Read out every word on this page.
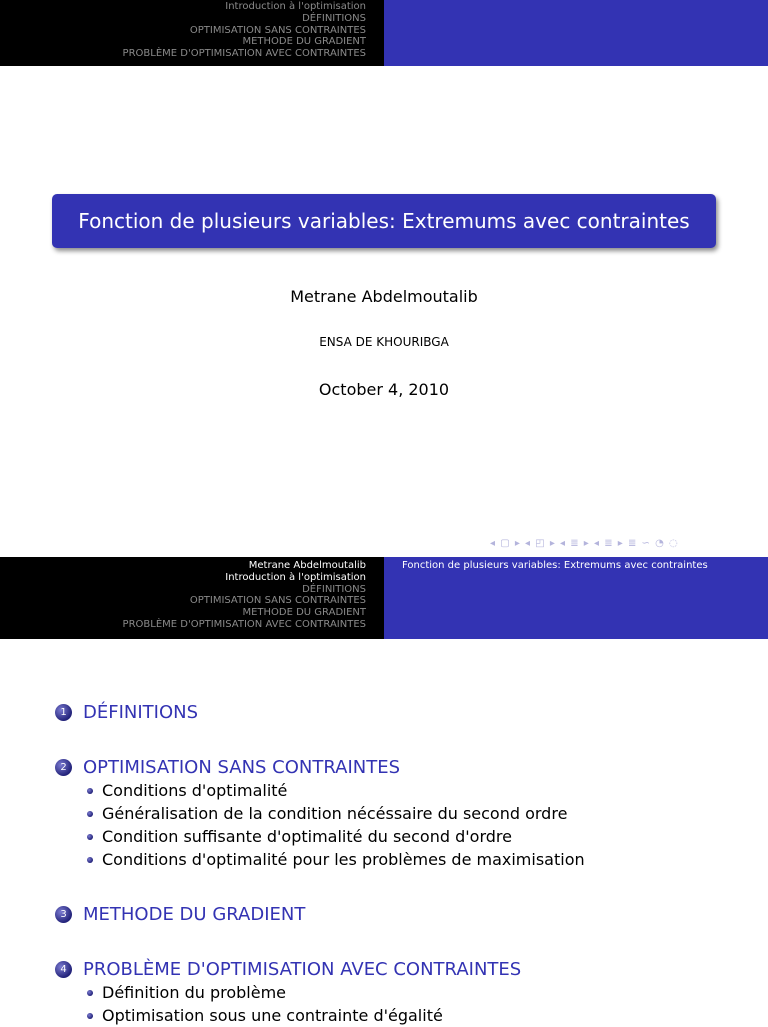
Introduction à l'optimisation
DÉFINITIONS
OPTIMISATION SANS CONTRAINTES
METHODE DU GRADIENT
PROBLÈME D'OPTIMISATION AVEC CONTRAINTES
Fonction de plusieurs variables: Extremums avec contraintes
Metrane Abdelmoutalib
ENSA DE KHOURIBGA
October 4, 2010
◂ ▢ ▸ ◂ ◰ ▸ ◂ ≣ ▸ ◂ ≣ ▸ ≣ ∽ ◔ ◌
Metrane Abdelmoutalib
Introduction à l'optimisation
DÉFINITIONS
OPTIMISATION SANS CONTRAINTES
METHODE DU GRADIENT
PROBLÈME D'OPTIMISATION AVEC CONTRAINTES
Fonction de plusieurs variables: Extremums avec contraintes
1 DÉFINITIONS
2 OPTIMISATION SANS CONTRAINTES
Conditions d'optimalité
Généralisation de la condition nécéssaire du second ordre
Condition suffisante d'optimalité du second d'ordre
Conditions d'optimalité pour les problèmes de maximisation
3 METHODE DU GRADIENT
4 PROBLÈME D'OPTIMISATION AVEC CONTRAINTES
Définition du problème
Optimisation sous une contrainte d'égalité
